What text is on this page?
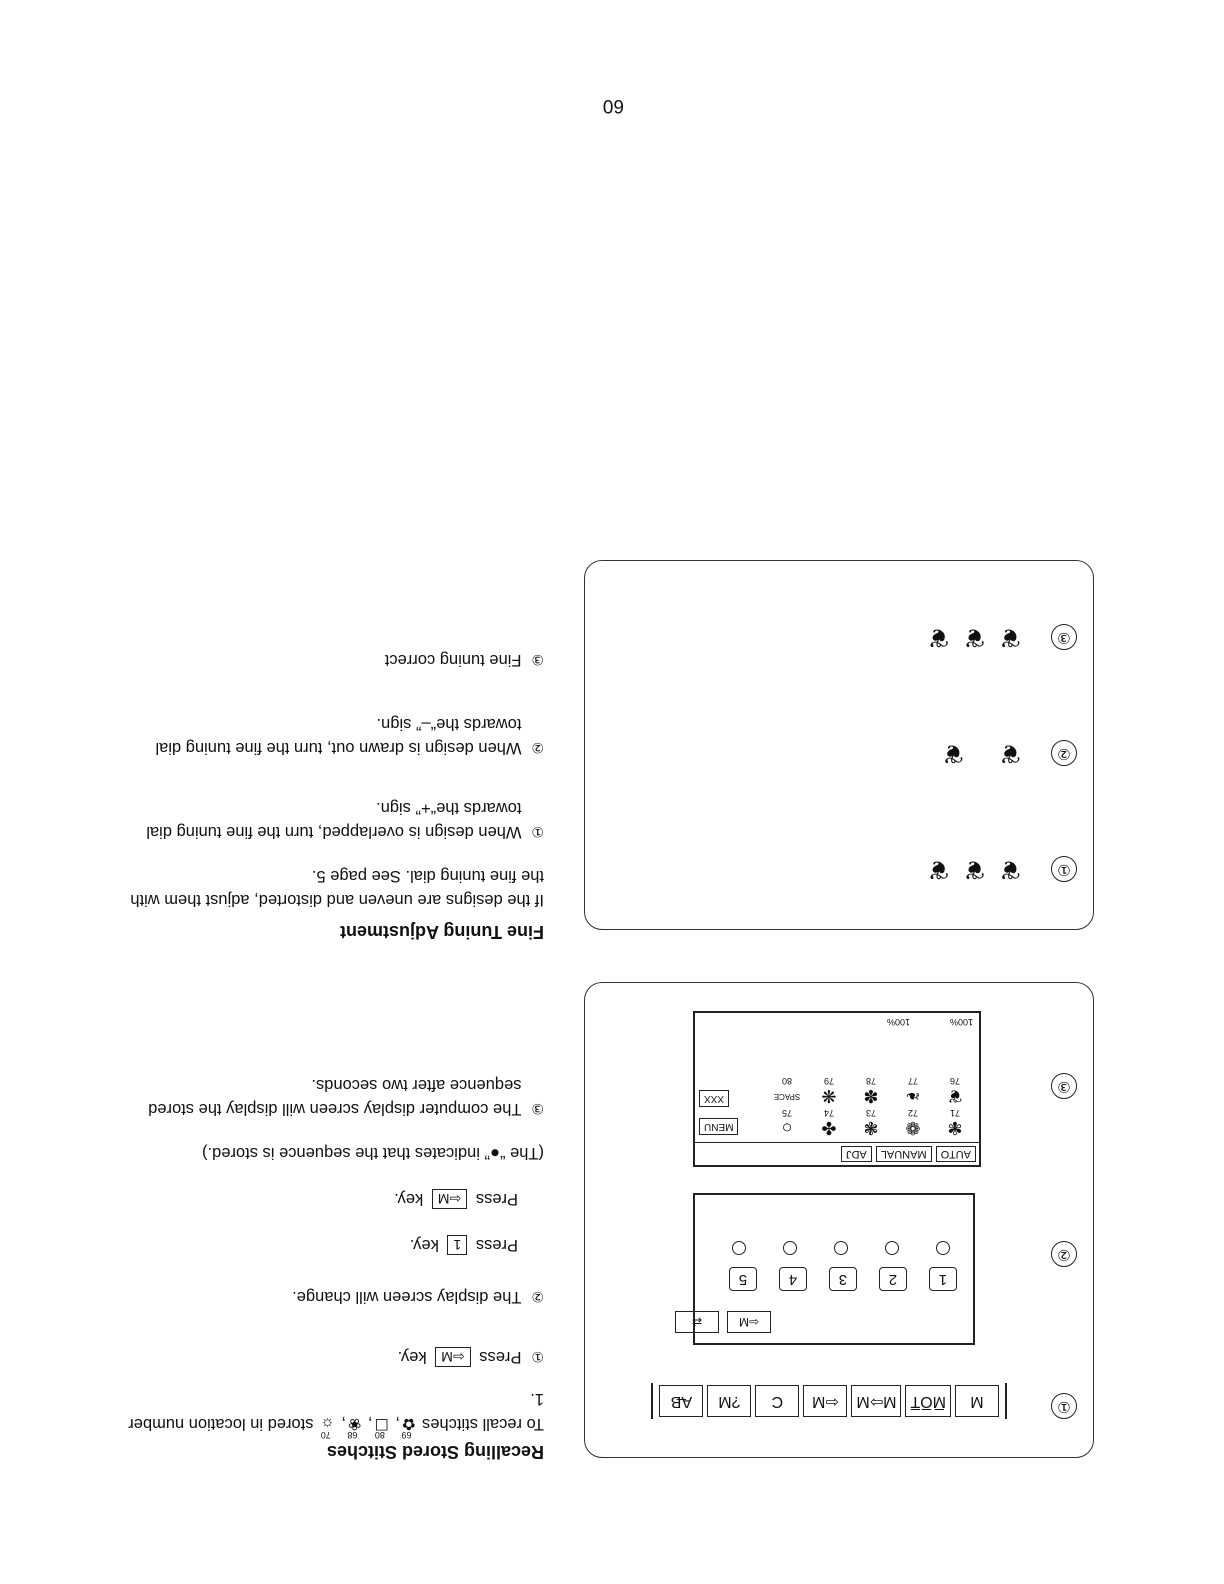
60
Recalling Stored Stitches
To recall stitches
69
✿,
80
☐,
68
❀,
70
☼ stored in location number 1.
①
Press ⇦M key.
②
The display screen will change.
Press 1 key.
Press ⇦M key.
(The “●” indicates that the sequence is stored.)
③
The computer display screen will display the stored sequence after two seconds.
Fine Tuning Adjustment
If the designs are uneven and distorted, adjust them with the fine tuning dial. See page 5.
①
When design is overlapped, turn the fine tuning dial towards the“+” sign.
②
When design is drawn out, turn the fine tuning dial towards the“–” sign.
③
Fine tuning correct
①
②
③
M
M̅O̅T̅
M⇨M
⇦M
C
?M
A̶B
12345
⇦M
⇄
AUTO
MANUAL
ADJ
✾
71
❁
72
❃
73
✤
74
○
75
❦
76
❧
77
✽
78
❋
79
SPACE
80
MENU
XXX
100%
100%
①
❦❦❦
②
❦ ❦
③
❦❦❦
